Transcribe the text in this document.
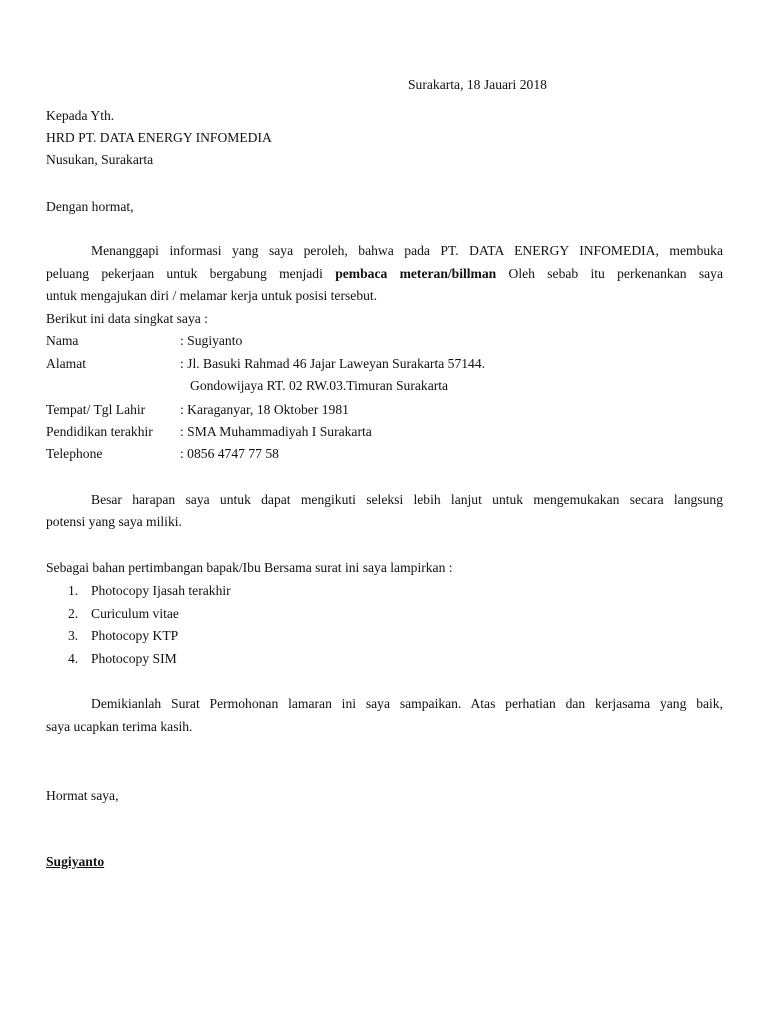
Surakarta, 18 Jauari 2018
Kepada Yth.
HRD PT. DATA ENERGY INFOMEDIA
Nusukan, Surakarta
Dengan hormat,
Menanggapi informasi yang saya peroleh, bahwa pada PT. DATA ENERGY INFOMEDIA, membuka
peluang pekerjaan untuk bergabung menjadi pembaca meteran/billman Oleh sebab itu perkenankan saya
untuk mengajukan diri / melamar kerja untuk posisi tersebut.
Berikut ini data singkat saya :
Nama	: Sugiyanto
Alamat	: Jl. Basuki Rahmad 46 Jajar Laweyan Surakarta 57144.
Gondowijaya RT. 02 RW.03.Timuran Surakarta
Tempat/ Tgl Lahir	: Karaganyar, 18 Oktober 1981
Pendidikan terakhir : SMA Muhammadiyah I Surakarta
Telephone	: 0856 4747 77 58
Besar harapan saya untuk dapat mengikuti seleksi lebih lanjut untuk mengemukakan secara langsung
potensi yang saya miliki.
Sebagai bahan pertimbangan bapak/Ibu Bersama surat ini saya lampirkan :
1. Photocopy Ijasah terakhir
2. Curiculum vitae
3. Photocopy KTP
4. Photocopy SIM
Demikianlah Surat Permohonan lamaran ini saya sampaikan. Atas perhatian dan kerjasama yang baik,
saya ucapkan terima kasih.
Hormat saya,
Sugiyanto
